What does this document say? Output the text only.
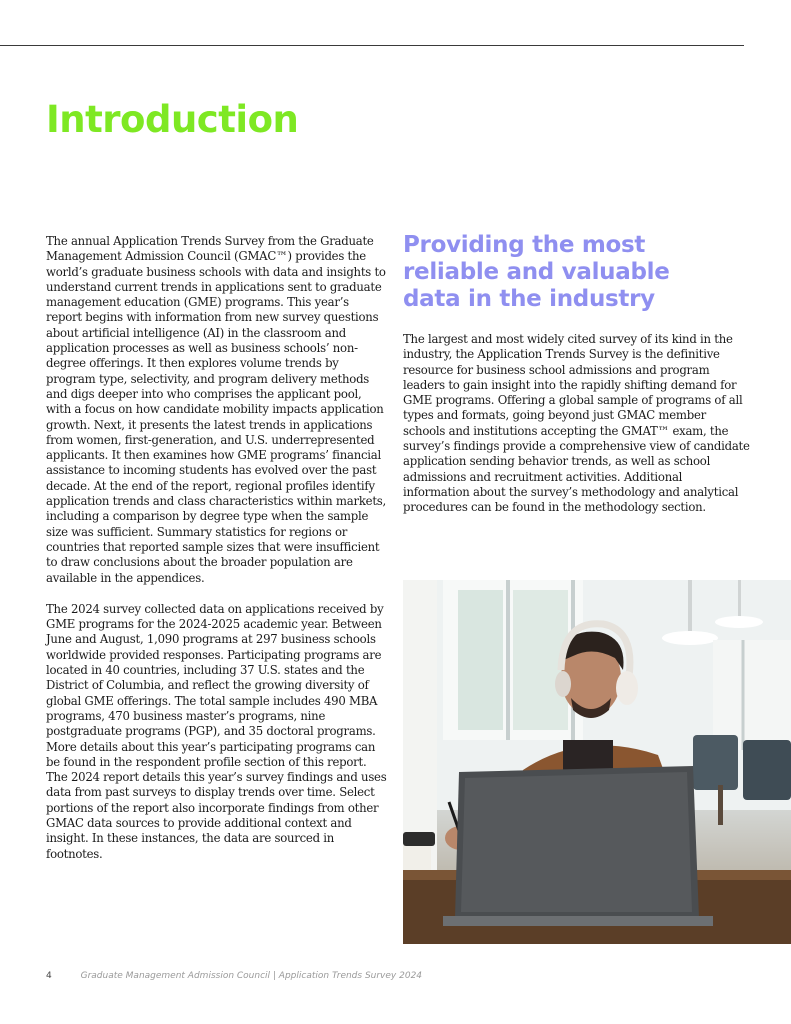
Introduction

The annual Application Trends Survey from the Graduate Management Admission Council (GMAC™) provides the world’s graduate business schools with data and insights to understand current trends in applications sent to graduate management education (GME) programs. This year’s report begins with information from new survey questions about artificial intelligence (AI) in the classroom and application processes as well as business schools’ non-degree offerings. It then explores volume trends by program type, selectivity, and program delivery methods and digs deeper into who comprises the applicant pool, with a focus on how candidate mobility impacts application growth. Next, it presents the latest trends in applications from women, first-generation, and U.S. underrepresented applicants. It then examines how GME programs’ financial assistance to incoming students has evolved over the past decade. At the end of the report, regional profiles identify application trends and class characteristics within markets, including a comparison by degree type when the sample size was sufficient. Summary statistics for regions or countries that reported sample sizes that were insufficient to draw conclusions about the broader population are available in the appendices.

The 2024 survey collected data on applications received by GME programs for the 2024-2025 academic year. Between June and August, 1,090 programs at 297 business schools worldwide provided responses. Participating programs are located in 40 countries, including 37 U.S. states and the District of Columbia, and reflect the growing diversity of global GME offerings. The total sample includes 490 MBA programs, 470 business master’s programs, nine postgraduate programs (PGP), and 35 doctoral programs. More details about this year’s participating programs can be found in the respondent profile section of this report. The 2024 report details this year’s survey findings and uses data from past surveys to display trends over time. Select portions of the report also incorporate findings from other GMAC data sources to provide additional context and insight. In these instances, the data are sourced in footnotes.

Providing the most reliable and valuable data in the industry

The largest and most widely cited survey of its kind in the industry, the Application Trends Survey is the definitive resource for business school admissions and program leaders to gain insight into the rapidly shifting demand for GME programs. Offering a global sample of programs of all types and formats, going beyond just GMAC member schools and institutions accepting the GMAT™ exam, the survey’s findings provide a comprehensive view of candidate application sending behavior trends, as well as school admissions and recruitment activities. Additional information about the survey’s methodology and analytical procedures can be found in the methodology section.

4	Graduate Management Admission Council | Application Trends Survey 2024
